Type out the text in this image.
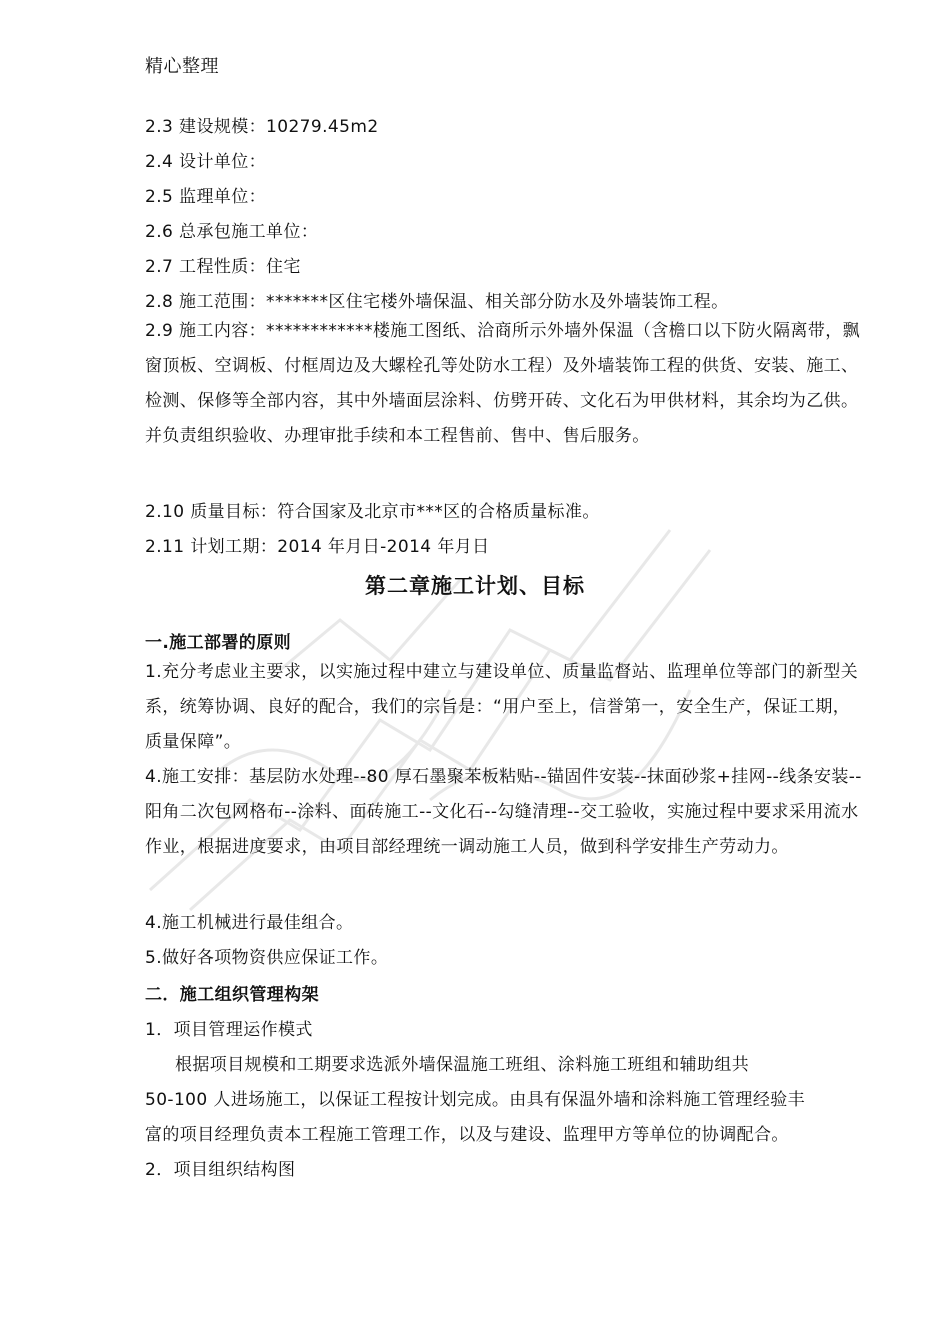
精心整理
2.3 建设规模：10279.45m2
2.4 设计单位：
2.5 监理单位：
2.6 总承包施工单位：
2.7 工程性质：住宅
2.8 施工范围：*******区住宅楼外墙保温、相关部分防水及外墙装饰工程。
2.9 施工内容：************楼施工图纸、洽商所示外墙外保温（含檐口以下防火隔离带，飘窗顶板、空调板、付框周边及大螺栓孔等处防水工程）及外墙装饰工程的供货、安装、施工、检测、保修等全部内容，其中外墙面层涂料、仿劈开砖、文化石为甲供材料，其余均为乙供。并负责组织验收、办理审批手续和本工程售前、售中、售后服务。
2.10 质量目标：符合国家及北京市***区的合格质量标准。
2.11 计划工期：2014 年月日-2014 年月日
第二章施工计划、目标
一.施工部署的原则
1.充分考虑业主要求，以实施过程中建立与建设单位、质量监督站、监理单位等部门的新型关系，统筹协调、良好的配合，我们的宗旨是：“用户至上，信誉第一，安全生产，保证工期，质量保障”。
4.施工安排：基层防水处理--80 厚石墨聚苯板粘贴--锚固件安装--抹面砂浆+挂网--线条安装--阳角二次包网格布--涂料、面砖施工--文化石--勾缝清理--交工验收，实施过程中要求采用流水作业，根据进度要求，由项目部经理统一调动施工人员，做到科学安排生产劳动力。
4.施工机械进行最佳组合。
5.做好各项物资供应保证工作。
二．施工组织管理构架
1．项目管理运作模式
根据项目规模和工期要求选派外墙保温施工班组、涂料施工班组和辅助组共
50-100 人进场施工，以保证工程按计划完成。由具有保温外墙和涂料施工管理经验丰
富的项目经理负责本工程施工管理工作，以及与建设、监理甲方等单位的协调配合。
2．项目组织结构图
